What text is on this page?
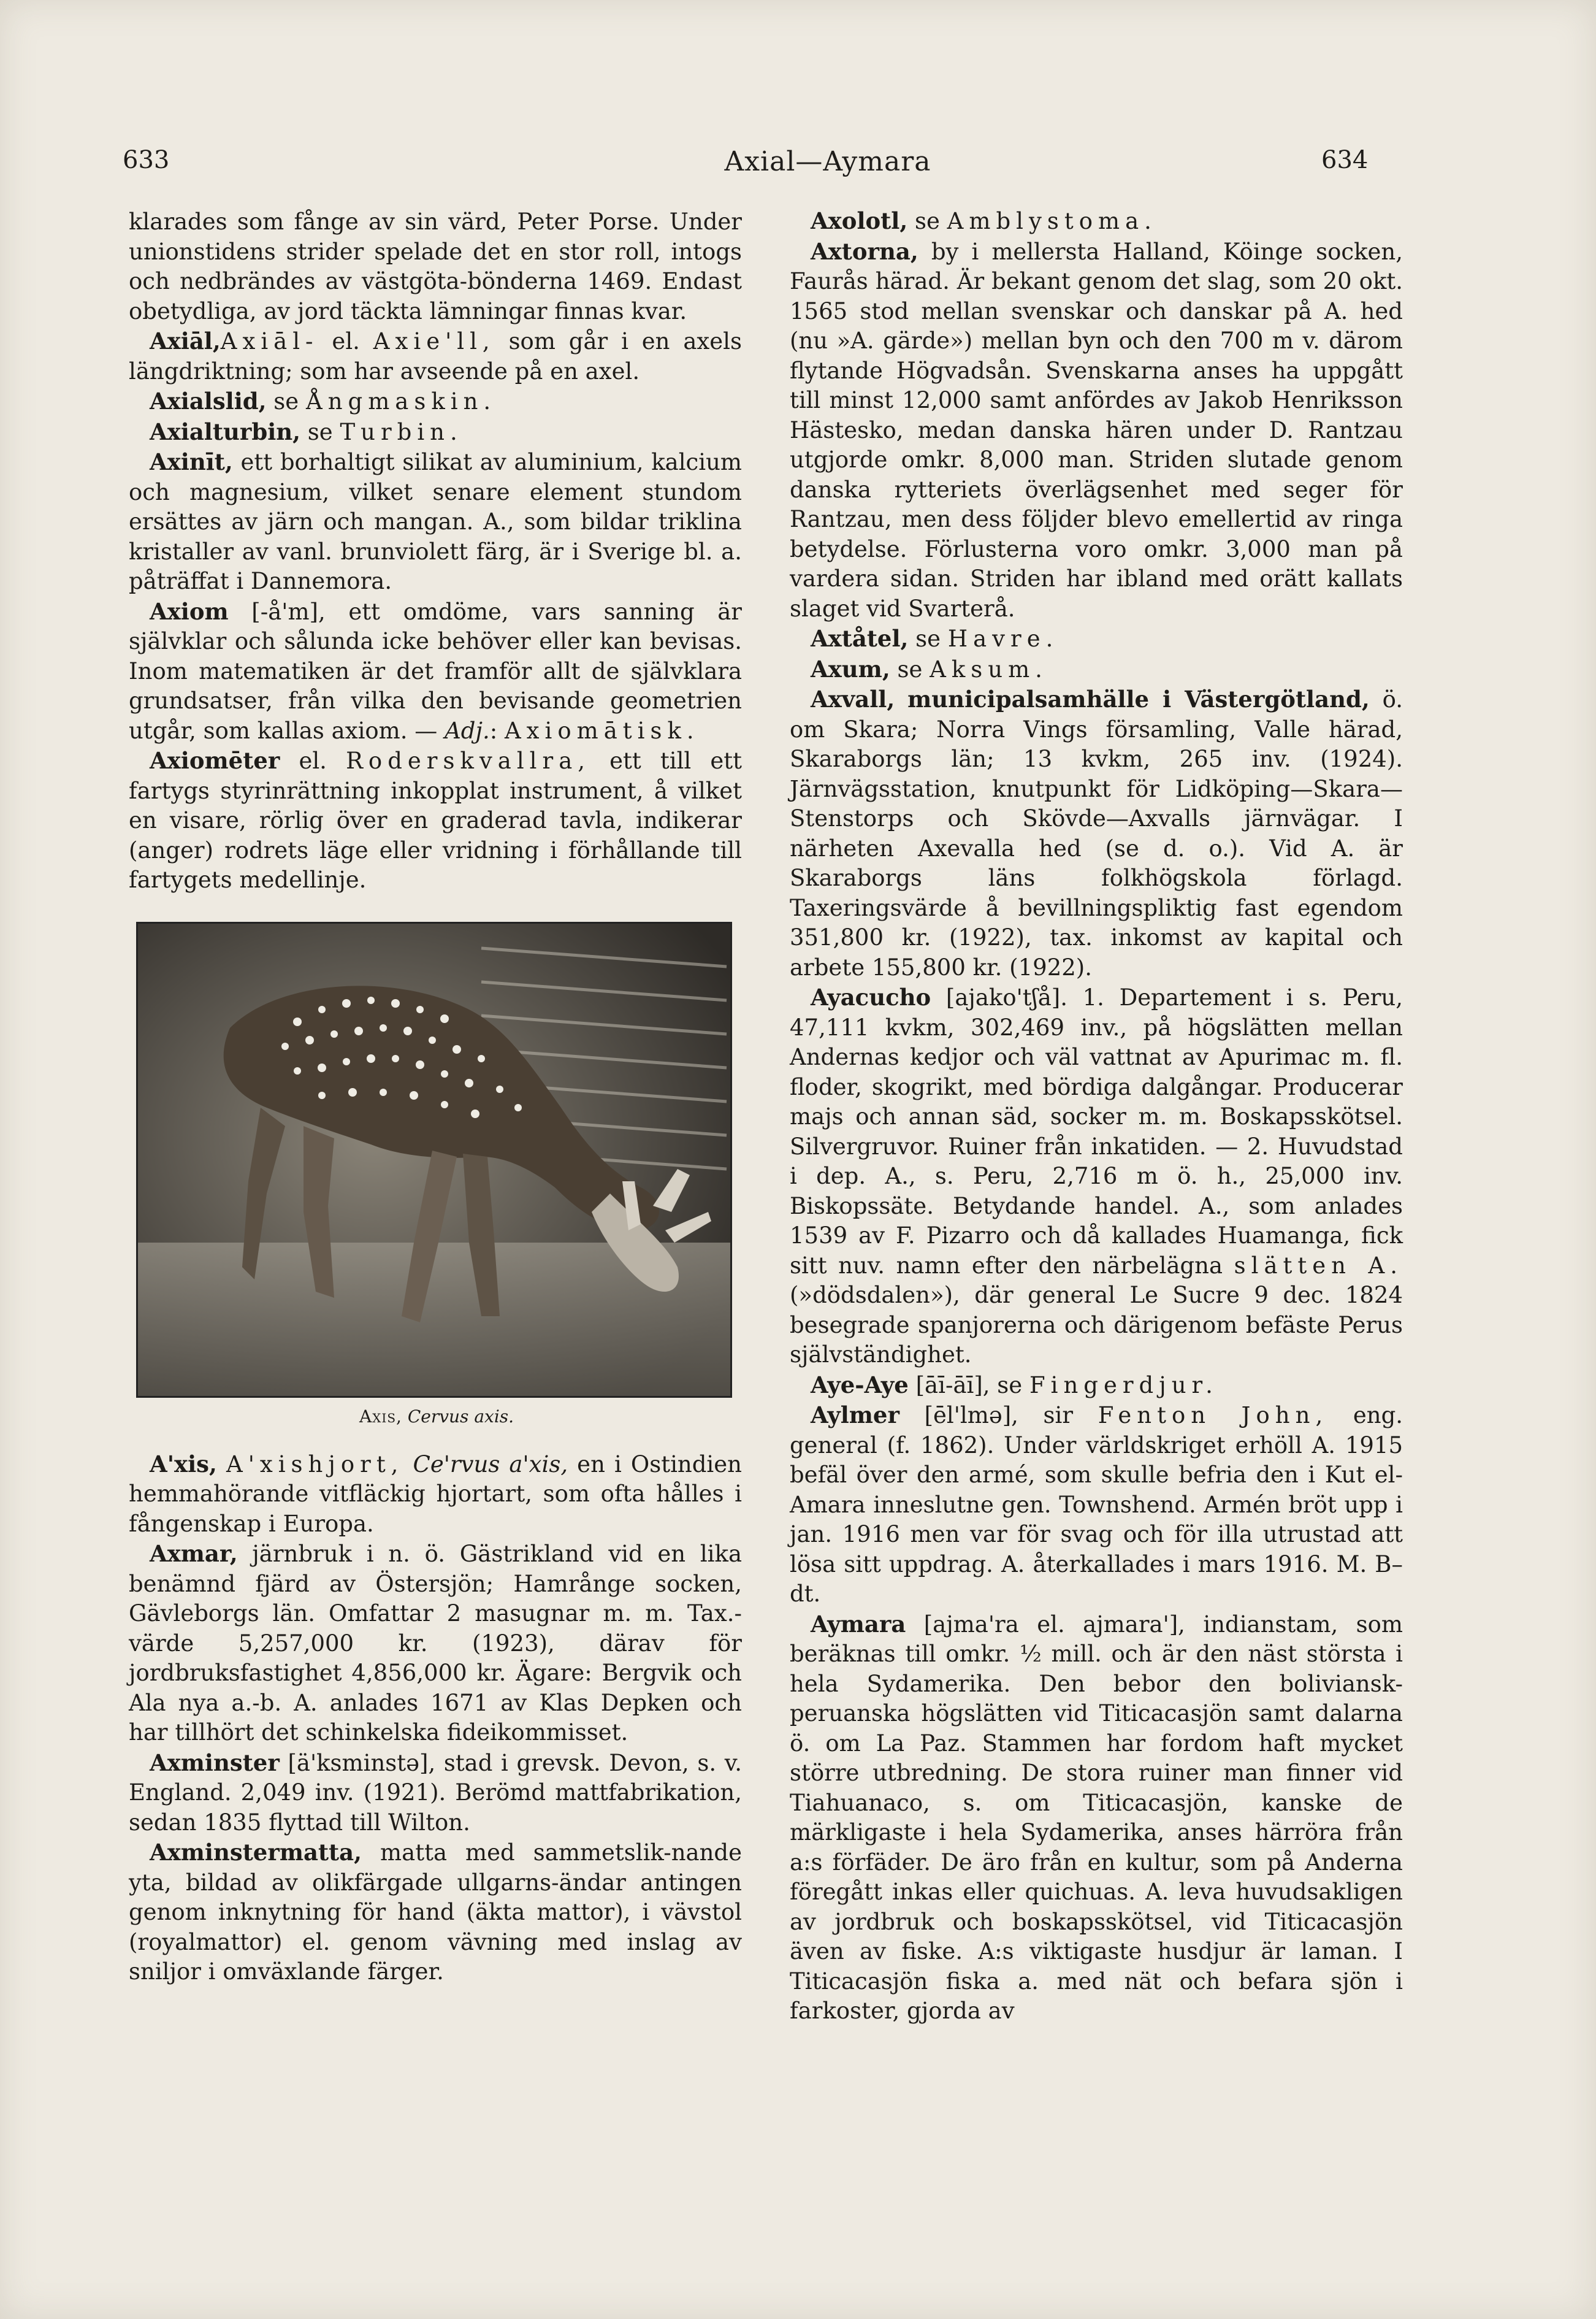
633	Axial—Aymara	634

klarades som fånge av sin värd, Peter Porse. Under unionstidens strider spelade det en stor roll, intogs och nedbrändes av västgöta-bönderna 1469. Endast obetydliga, av jord täckta lämningar finnas kvar.

Axiāl,Axiāl- el. Axie'll, som går i en axels längdriktning; som har avseende på en axel.

Axialslid, se Ångmaskin.

Axialturbin, se Turbin.

Axinīt, ett borhaltigt silikat av aluminium, kalcium och magnesium, vilket senare element stundom ersättes av järn och mangan. A., som bildar triklina kristaller av vanl. brunviolett färg, är i Sverige bl. a. påträffat i Dannemora.

Axiom [-å'm], ett omdöme, vars sanning är självklar och sålunda icke behöver eller kan bevisas. Inom matematiken är det framför allt de självklara grundsatser, från vilka den bevisande geometrien utgår, som kallas axiom. — Adj.: Axiomātisk.

Axiomēter el. Roderskvallra, ett till ett fartygs styrinrättning inkopplat instrument, å vilket en visare, rörlig över en graderad tavla, indikerar (anger) rodrets läge eller vridning i förhållande till fartygets medellinje.

Axis, Cervus axis.

A'xis, A'xishjort, Ce'rvus a'xis, en i Ostindien hemmahörande vitfläckig hjortart, som ofta hålles i fångenskap i Europa.

Axmar, järnbruk i n. ö. Gästrikland vid en lika benämnd fjärd av Östersjön; Hamrånge socken, Gävleborgs län. Omfattar 2 masugnar m. m. Tax.-värde 5,257,000 kr. (1923), därav för jordbruksfastighet 4,856,000 kr. Ägare: Bergvik och Ala nya a.-b. A. anlades 1671 av Klas Depken och har tillhört det schinkelska fideikommisset.

Axminster [ä'ksminstə], stad i grevsk. Devon, s. v. England. 2,049 inv. (1921). Berömd mattfabrikation, sedan 1835 flyttad till Wilton.

Axminstermatta, matta med sammetslik-nande yta, bildad av olikfärgade ullgarns-ändar antingen genom inknytning för hand (äkta mattor), i vävstol (royalmattor) el. genom vävning med inslag av sniljor i omväxlande färger.

Axolotl, se Amblystoma.

Axtorna, by i mellersta Halland, Köinge socken, Faurås härad. Är bekant genom det slag, som 20 okt. 1565 stod mellan svenskar och danskar på A. hed (nu »A. gärde») mellan byn och den 700 m v. därom flytande Högvadsån. Svenskarna anses ha uppgått till minst 12,000 samt anfördes av Jakob Henriksson Hästesko, medan danska hären under D. Rantzau utgjorde omkr. 8,000 man. Striden slutade genom danska rytteriets överlägsenhet med seger för Rantzau, men dess följder blevo emellertid av ringa betydelse. Förlusterna voro omkr. 3,000 man på vardera sidan. Striden har ibland med orätt kallats slaget vid Svarterå.

Axtåtel, se Havre.

Axum, se Aksum.

Axvall, municipalsamhälle i Västergötland, ö. om Skara; Norra Vings församling, Valle härad, Skaraborgs län; 13 kvkm, 265 inv. (1924). Järnvägsstation, knutpunkt för Lidköping—Skara—Stenstorps och Skövde—Axvalls järnvägar. I närheten Axevalla hed (se d. o.). Vid A. är Skaraborgs läns folkhögskola förlagd. Taxeringsvärde å bevillningspliktig fast egendom 351,800 kr. (1922), tax. inkomst av kapital och arbete 155,800 kr. (1922).

Ayacucho [ajako'tʃå]. 1. Departement i s. Peru, 47,111 kvkm, 302,469 inv., på högslätten mellan Andernas kedjor och väl vattnat av Apurimac m. fl. floder, skogrikt, med bördiga dalgångar. Producerar majs och annan säd, socker m. m. Boskapsskötsel. Silvergruvor. Ruiner från inkatiden. — 2. Huvudstad i dep. A., s. Peru, 2,716 m ö. h., 25,000 inv. Biskopssäte. Betydande handel. A., som anlades 1539 av F. Pizarro och då kallades Huamanga, fick sitt nuv. namn efter den närbelägna slätten A. (»dödsdalen»), där general Le Sucre 9 dec. 1824 besegrade spanjorerna och därigenom befäste Perus självständighet.

Aye-Aye [āī-āī], se Fingerdjur.

Aylmer [ēl'lmə], sir Fenton John, eng. general (f. 1862). Under världskriget erhöll A. 1915 befäl över den armé, som skulle befria den i Kut el-Amara inneslutne gen. Townshend. Armén bröt upp i jan. 1916 men var för svag och för illa utrustad att lösa sitt uppdrag. A. återkallades i mars 1916. M. B–dt.

Aymara [ajma'ra el. ajmara'], indianstam, som beräknas till omkr. ½ mill. och är den näst största i hela Sydamerika. Den bebor den boliviansk-peruanska högslätten vid Titicacasjön samt dalarna ö. om La Paz. Stammen har fordom haft mycket större utbredning. De stora ruiner man finner vid Tiahuanaco, s. om Titicacasjön, kanske de märkligaste i hela Sydamerika, anses härröra från a:s förfäder. De äro från en kultur, som på Anderna föregått inkas eller quichuas. A. leva huvudsakligen av jordbruk och boskapsskötsel, vid Titicacasjön även av fiske. A:s viktigaste husdjur är laman. I Titicacasjön fiska a. med nät och befara sjön i farkoster, gjorda av
